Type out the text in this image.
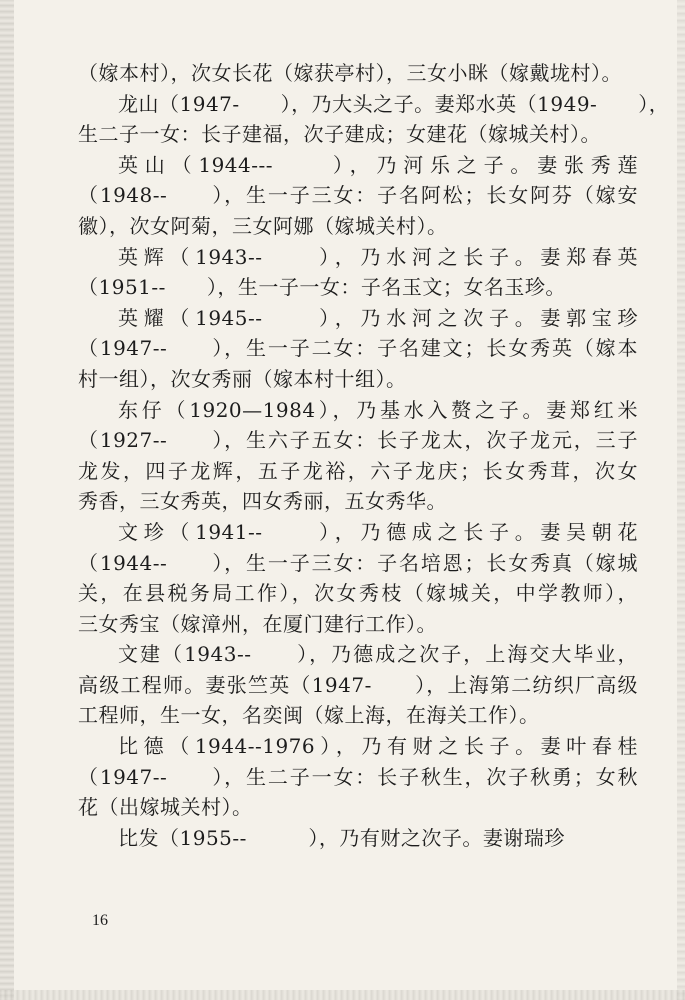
（嫁本村），次女长花（嫁获亭村），三女小眯（嫁戴垅村）。
龙山（1947-　　），乃大头之子。妻郑水英（1949-　　），
生二子一女：长子建福，次子建成；女建花（嫁城关村）。
英山（1944---　　），乃河乐之子。妻张秀莲
（1948--　　），生一子三女：子名阿松；长女阿芬（嫁安
徽），次女阿菊，三女阿娜（嫁城关村）。
英辉（1943--　　），乃水河之长子。妻郑春英
（1951--　　），生一子一女：子名玉文；女名玉珍。
英耀（1945--　　），乃水河之次子。妻郭宝珍
（1947--　　），生一子二女：子名建文；长女秀英（嫁本
村一组），次女秀丽（嫁本村十组）。
东仔（1920—1984），乃基水入赘之子。妻郑红米
（1927--　　），生六子五女：长子龙太，次子龙元，三子
龙发，四子龙辉，五子龙裕，六子龙庆；长女秀茸，次女
秀香，三女秀英，四女秀丽，五女秀华。
文珍（1941--　　），乃德成之长子。妻吴朝花
（1944--　　），生一子三女：子名培恩；长女秀真（嫁城
关，在县税务局工作），次女秀枝（嫁城关，中学教师），
三女秀宝（嫁漳州，在厦门建行工作）。
文建（1943--　　），乃德成之次子，上海交大毕业，
高级工程师。妻张竺英（1947-　　），上海第二纺织厂高级
工程师，生一女，名奕闽（嫁上海，在海关工作）。
比德（1944--1976），乃有财之长子。妻叶春桂
（1947--　　），生二子一女：长子秋生，次子秋勇；女秋
花（出嫁城关村）。
比发（1955--　　　），乃有财之次子。妻谢瑞珍
16
